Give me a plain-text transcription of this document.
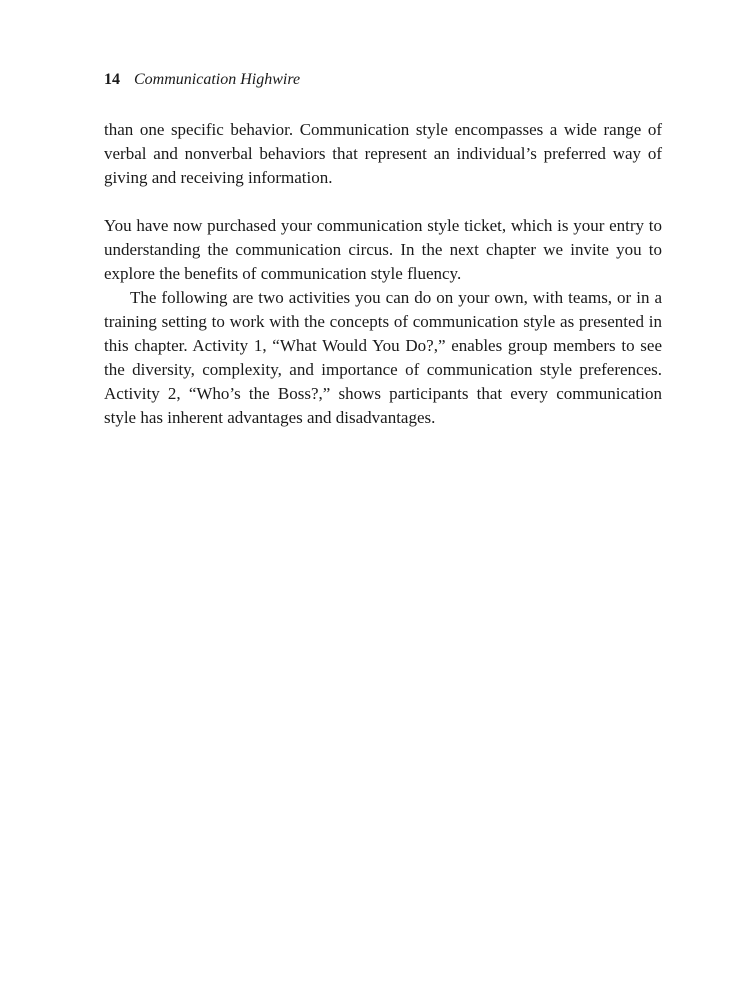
14 Communication Highwire

than one specific behavior. Communication style encompasses a wide range of verbal and nonverbal behaviors that represent an individual’s preferred way of giving and receiving information.

You have now purchased your communication style ticket, which is your entry to understanding the communication circus. In the next chapter we invite you to explore the benefits of communication style fluency.

The following are two activities you can do on your own, with teams, or in a training setting to work with the concepts of communication style as presented in this chapter. Activity 1, “What Would You Do?,” enables group members to see the diversity, complexity, and importance of communication style preferences. Activity 2, “Who’s the Boss?,” shows participants that every communication style has inherent advantages and disadvantages.
